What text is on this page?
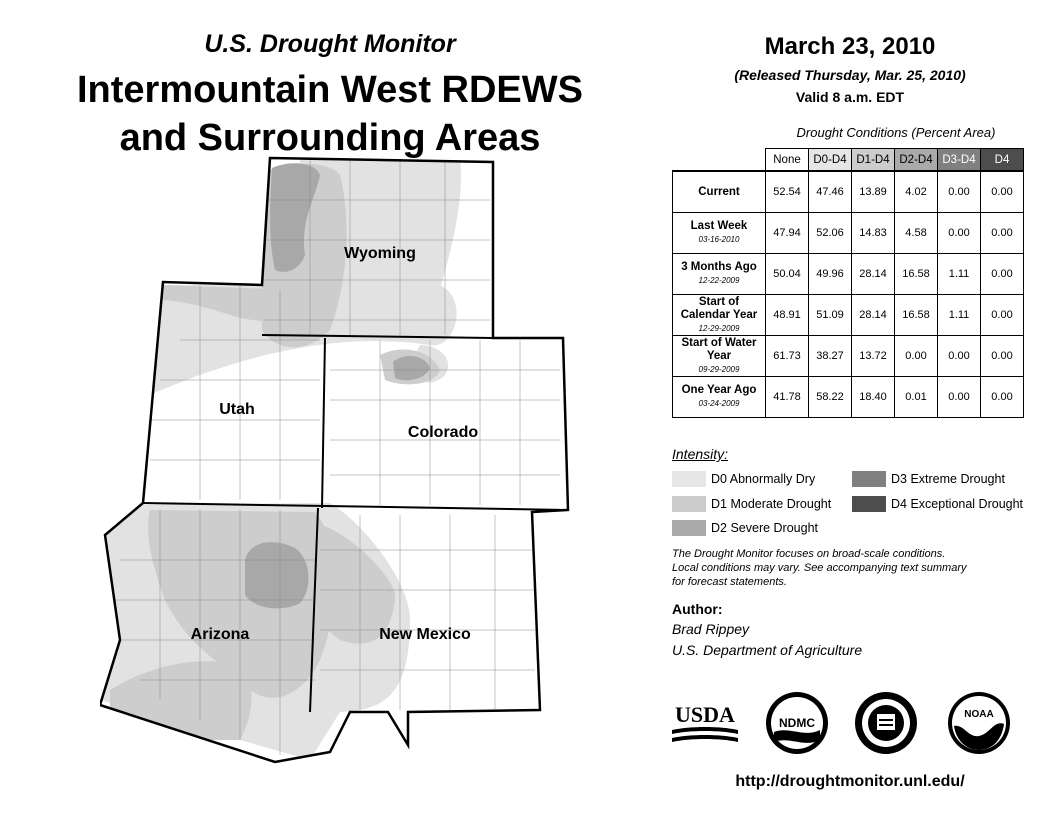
U.S. Drought Monitor
Intermountain West RDEWS
and Surrounding Areas
March 23, 2010
(Released Thursday, Mar. 25, 2010)
Valid 8 a.m. EDT
Wyoming
Utah
Colorado
Arizona	New Mexico
Drought Conditions (Percent Area)
	None	D0-D4	D1-D4	D2-D4	D3-D4	D4
Current	52.54	47.46	13.89	4.02	0.00	0.00
Last Week
03-16-2010	47.94	52.06	14.83	4.58	0.00	0.00
3 Months Ago
12-22-2009	50.04	49.96	28.14	16.58	1.11	0.00
Start of Calendar Year
12-29-2009	48.91	51.09	28.14	16.58	1.11	0.00
Start of Water Year
09-29-2009	61.73	38.27	13.72	0.00	0.00	0.00
One Year Ago
03-24-2009	41.78	58.22	18.40	0.01	0.00	0.00
Intensity:
D0 Abnormally Dry
D1 Moderate Drought
D2 Severe Drought
D3 Extreme Drought
D4 Exceptional Drought
The Drought Monitor focuses on broad-scale conditions.
Local conditions may vary. See accompanying text summary
for forecast statements.
Author:
Brad Rippey
U.S. Department of Agriculture
USDA	NDMC
NOAA
http://droughtmonitor.unl.edu/
